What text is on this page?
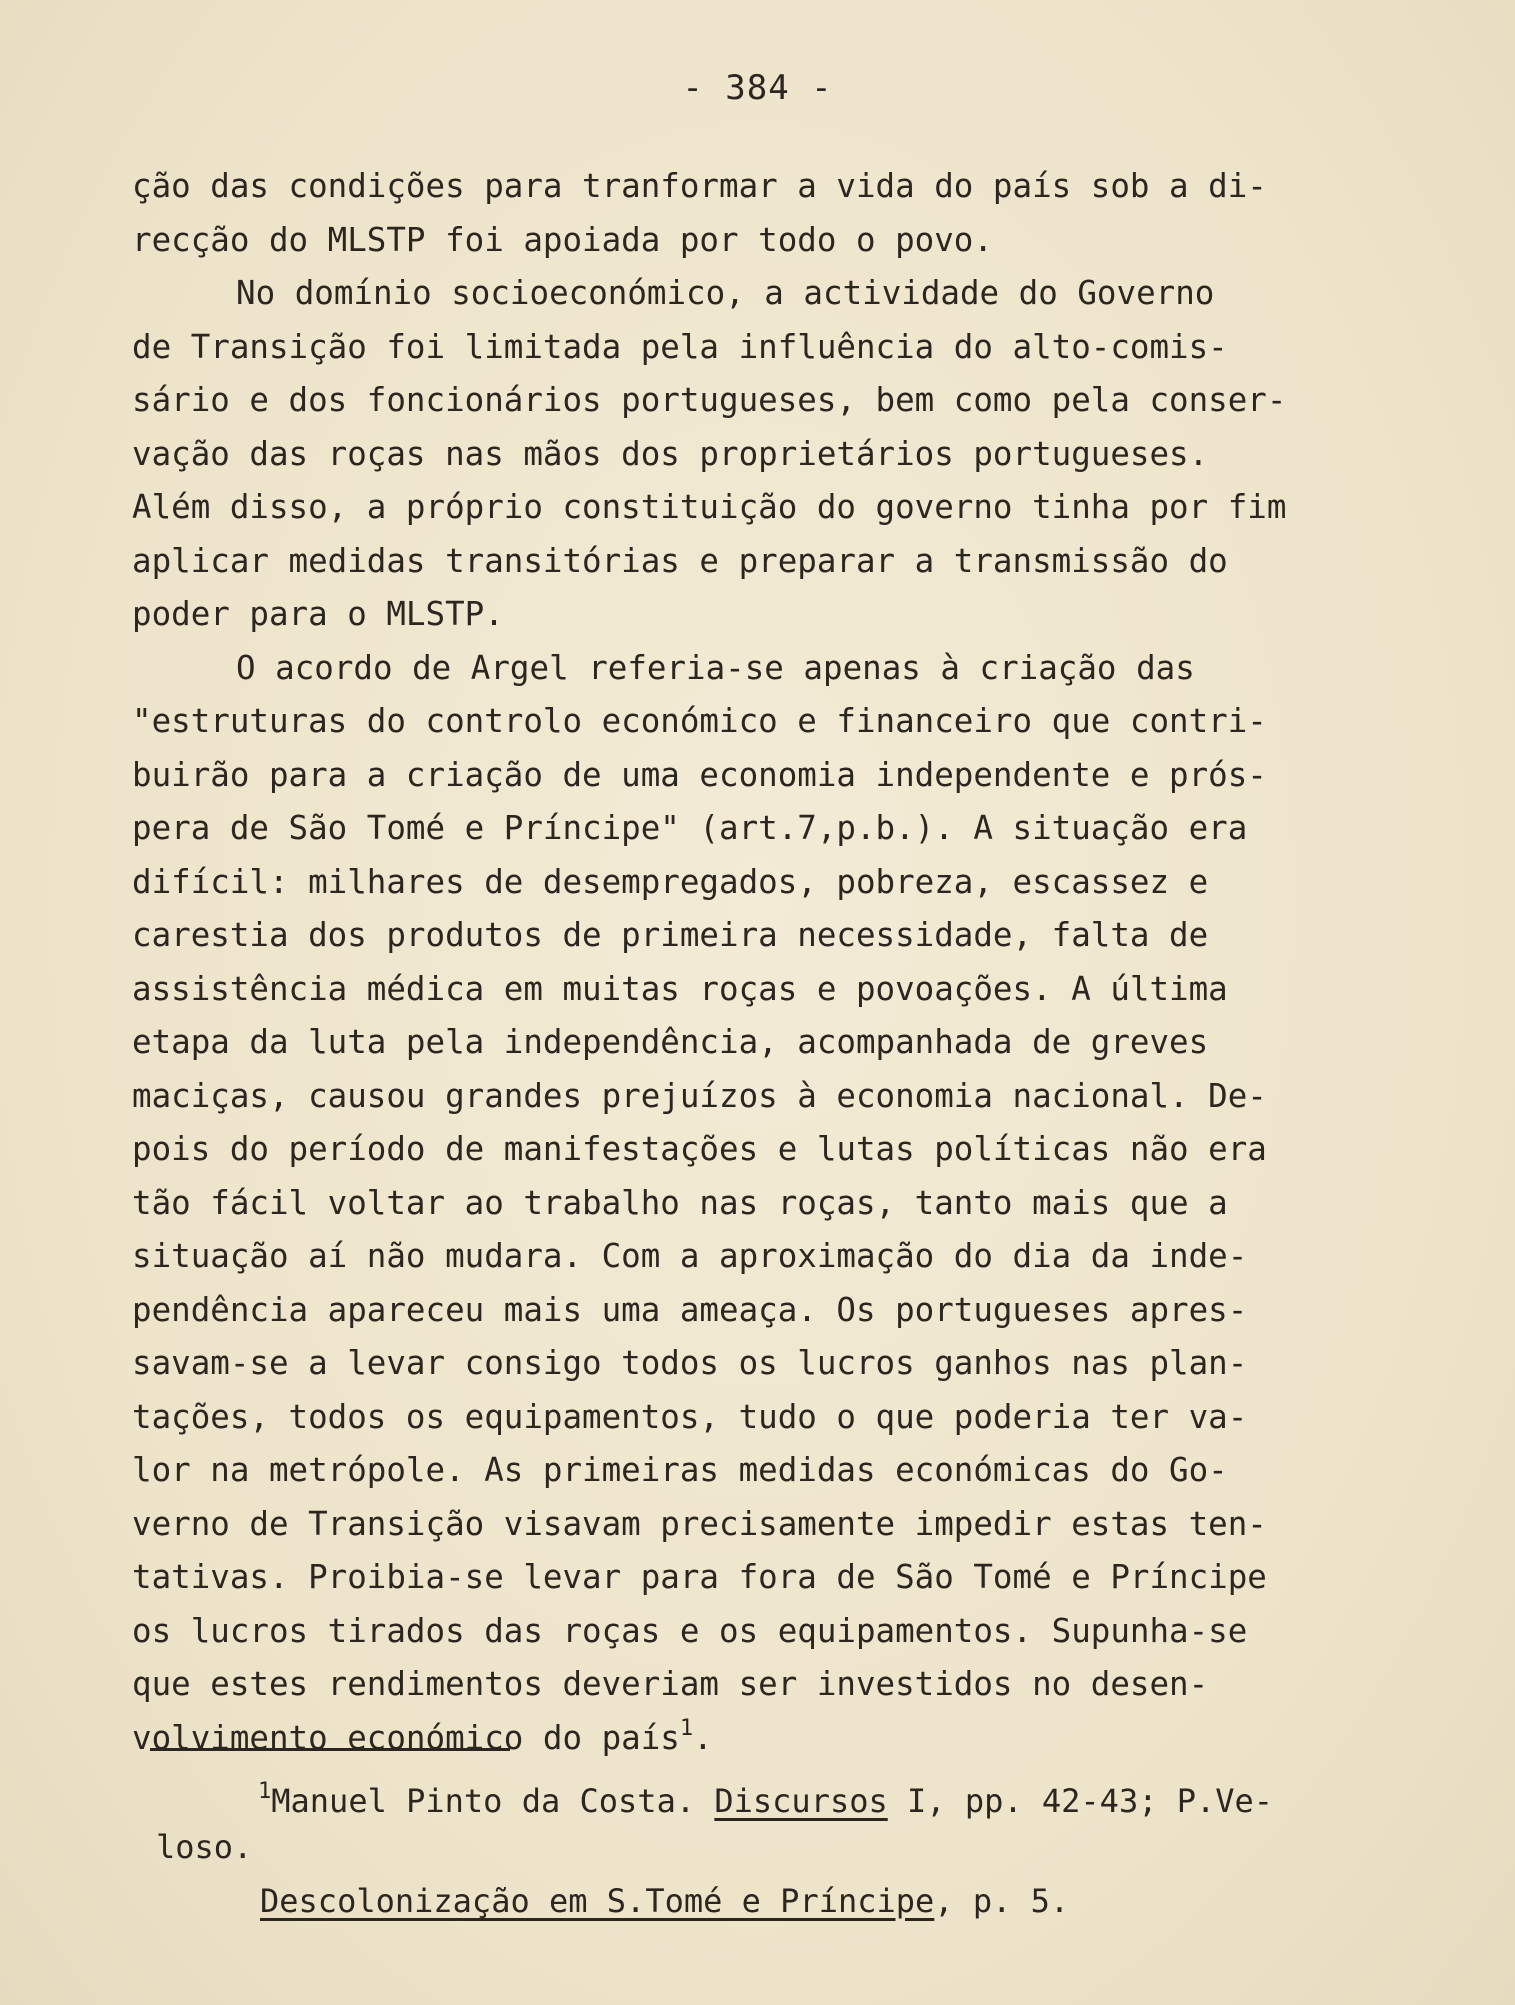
- 384 -
ção das condições para tranformar a vida do país sob a di-
recção do MLSTP foi apoiada por todo o povo.
No domínio socioeconómico, a actividade do Governo
de Transição foi limitada pela influência do alto-comis-
sário e dos foncionários portugueses, bem como pela conser-
vação das roças nas mãos dos proprietários portugueses.
Além disso, a próprio constituição do governo tinha por fim
aplicar medidas transitórias e preparar a transmissão do
poder para o MLSTP.
O acordo de Argel referia-se apenas à criação das
"estruturas do controlo económico e financeiro que contri-
buirão para a criação de uma economia independente e prós-
pera de São Tomé e Príncipe" (art.7,p.b.). A situação era
difícil: milhares de desempregados, pobreza, escassez e
carestia dos produtos de primeira necessidade, falta de
assistência médica em muitas roças e povoações. A última
etapa da luta pela independência, acompanhada de greves
maciças, causou grandes prejuízos à economia nacional. De-
pois do período de manifestações e lutas políticas não era
tão fácil voltar ao trabalho nas roças, tanto mais que a
situação aí não mudara. Com a aproximação do dia da inde-
pendência apareceu mais uma ameaça. Os portugueses apres-
savam-se a levar consigo todos os lucros ganhos nas plan-
tações, todos os equipamentos, tudo o que poderia ter va-
lor na metrópole. As primeiras medidas económicas do Go-
verno de Transição visavam precisamente impedir estas ten-
tativas. Proibia-se levar para fora de São Tomé e Príncipe
os lucros tirados das roças e os equipamentos. Supunha-se
que estes rendimentos deveriam ser investidos no desen-
volvimento económico do país$^1$.
$^1$Manuel Pinto da Costa. Discursos I, pp. 42-43; P.Ve-
loso.
Descolonização em S.Tomé e Príncipe, p. 5.
